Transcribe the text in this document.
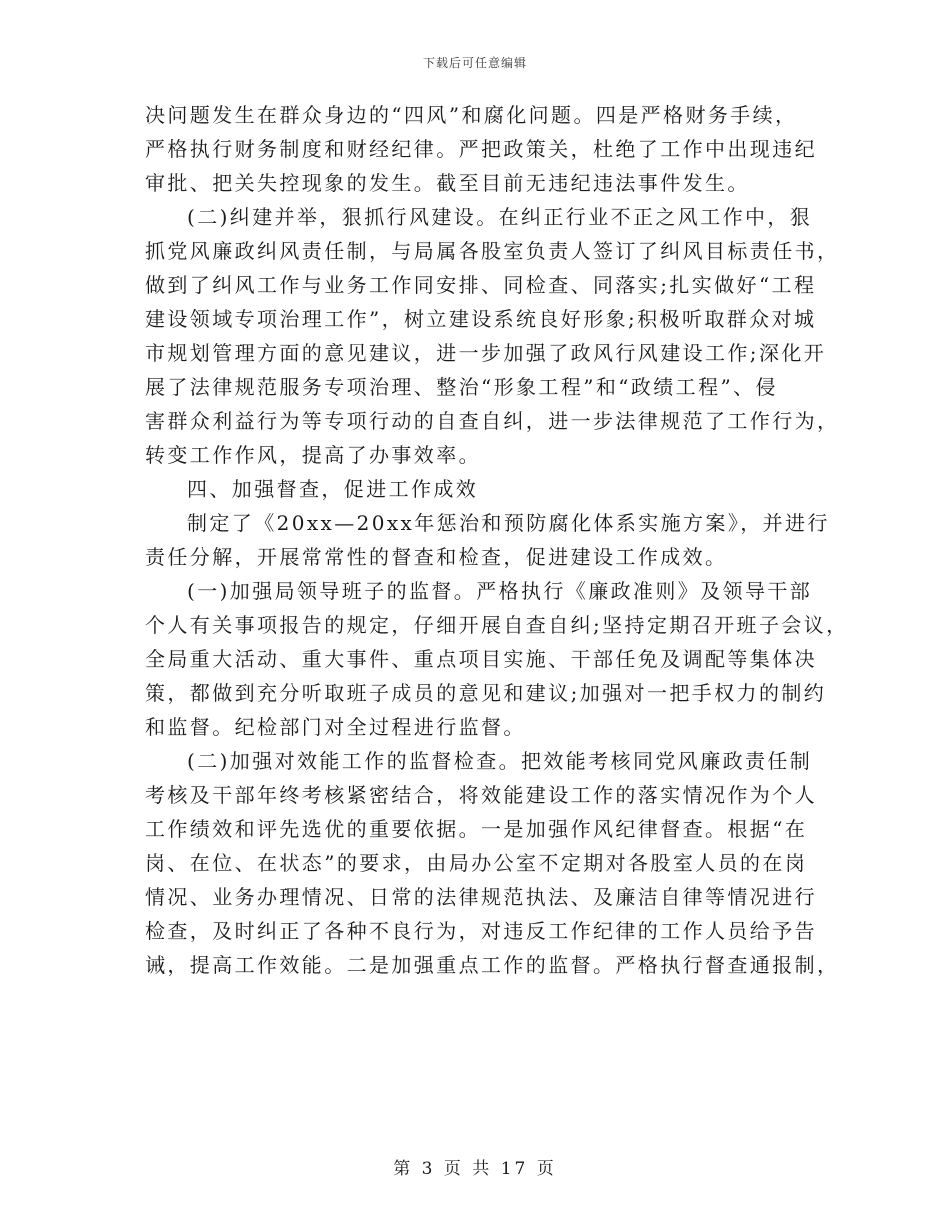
下载后可任意编辑
决问题发生在群众身边的“四风”和腐化问题。四是严格财务手续，
严格执行财务制度和财经纪律。严把政策关，杜绝了工作中出现违纪
审批、把关失控现象的发生。截至目前无违纪违法事件发生。
(二)纠建并举，狠抓行风建设。在纠正行业不正之风工作中，狠
抓党风廉政纠风责任制，与局属各股室负责人签订了纠风目标责任书，
做到了纠风工作与业务工作同安排、同检查、同落实;扎实做好“工程
建设领域专项治理工作”，树立建设系统良好形象;积极听取群众对城
市规划管理方面的意见建议，进一步加强了政风行风建设工作;深化开
展了法律规范服务专项治理、整治“形象工程”和“政绩工程”、侵
害群众利益行为等专项行动的自查自纠，进一步法律规范了工作行为，
转变工作作风，提高了办事效率。
四、加强督查，促进工作成效
制定了《20xx—20xx年惩治和预防腐化体系实施方案》，并进行
责任分解，开展常常性的督查和检查，促进建设工作成效。
(一)加强局领导班子的监督。严格执行《廉政准则》及领导干部
个人有关事项报告的规定，仔细开展自查自纠;坚持定期召开班子会议，
全局重大活动、重大事件、重点项目实施、干部任免及调配等集体决
策，都做到充分听取班子成员的意见和建议;加强对一把手权力的制约
和监督。纪检部门对全过程进行监督。
(二)加强对效能工作的监督检查。把效能考核同党风廉政责任制
考核及干部年终考核紧密结合，将效能建设工作的落实情况作为个人
工作绩效和评先选优的重要依据。一是加强作风纪律督查。根据“在
岗、在位、在状态”的要求，由局办公室不定期对各股室人员的在岗
情况、业务办理情况、日常的法律规范执法、及廉洁自律等情况进行
检查，及时纠正了各种不良行为，对违反工作纪律的工作人员给予告
诫，提高工作效能。二是加强重点工作的监督。严格执行督查通报制，
第 3 页 共 17 页
